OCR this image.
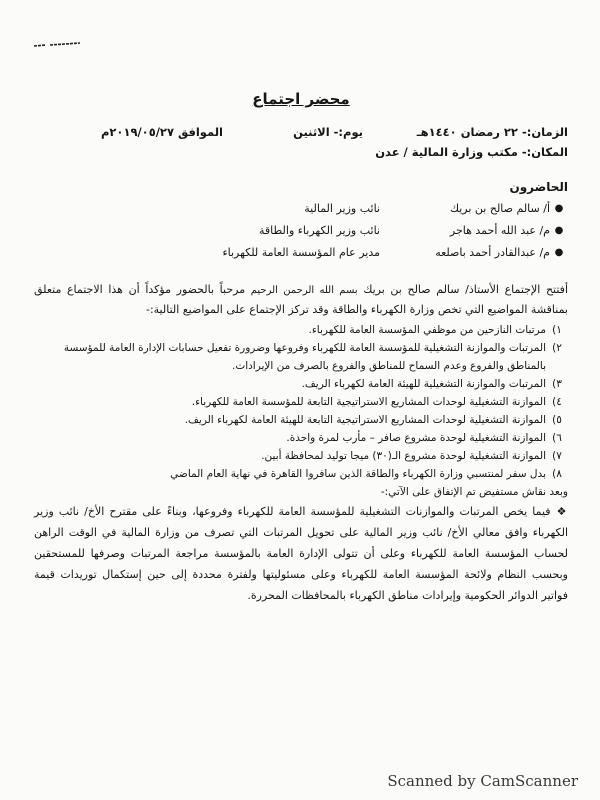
محضر اجتماع
الزمان:- ٢٢ رمضان ١٤٤٠هـ
يوم:- الاثنين
الموافق ٢٠١٩/٠٥/٢٧م
المكان:- مكتب وزارة المالية / عدن
الحاضرون
●
أ/ سالم صالح بن بريك
نائب وزير المالية
●
م/ عبد الله أحمد هاجر
نائب وزير الكهرباء والطاقة
●
م/ عبدالقادر أحمد باصلعه
مدير عام المؤسسة العامة للكهرباء
أفتتح الإجتماع الأستاذ/ سالم صالح بن بريك بسم الله الرحمن الرحيم مرحباً بالحضور مؤكداً أن هذا الاجتماع متعلق بمناقشة المواضيع التي تخص وزارة الكهرباء والطاقة وقد تركز الإجتماع على المواضيع التالية:-
١)
مرتبات النازحين من موظفي المؤسسة العامة للكهرباء.
٢)
المرتبات والموازنة التشغيلية للمؤسسة العامة للكهرباء وفروعها وضرورة تفعيل حسابات الإدارة العامة للمؤسسة بالمناطق والفروع وعدم السماح للمناطق والفروع بالصرف من الإيرادات.
٣)
المرتبات والموازنة التشغيلية للهيئة العامة لكهرباء الريف.
٤)
الموازنة التشغيلية لوحدات المشاريع الاستراتيجية التابعة للمؤسسة العامة للكهرباء.
٥)
الموازنة التشغيلية لوحدات المشاريع الاستراتيجية التابعة للهيئة العامة لكهرباء الريف.
٦)
الموازنة التشغيلية لوحدة مشروع صافر – مأرب لمرة واحدة.
٧)
الموازنة التشغيلية لوحدة مشروع الـ(٣٠) ميجا توليد لمحافظة أبين.
٨)
بدل سفر لمنتسبي وزارة الكهرباء والطاقة الذين سافروا القاهرة في نهاية العام الماضي
وبعد نقاش مستفيض تم الإتفاق على الآتي:-
❖فيما يخص المرتبات والموازنات التشغيلية للمؤسسة العامة للكهرباء وفروعها، وبناءً على مقترح الأخ/ نائب وزير الكهرباء وافق معالي الأخ/ نائب وزير المالية على تحويل المرتبات التي تصرف من وزارة المالية في الوقت الراهن لحساب المؤسسة العامة للكهرباء وعلى أن تتولى الإدارة العامة بالمؤسسة مراجعة المرتبات وصرفها للمستحقين وبحسب النظام ولائحة المؤسسة العامة للكهرباء وعلى مسئوليتها ولفترة محددة إلى حين إستكمال توريدات قيمة فواتير الدوائر الحكومية وإيرادات مناطق الكهرباء بالمحافظات المحررة.
Scanned by CamScanner
